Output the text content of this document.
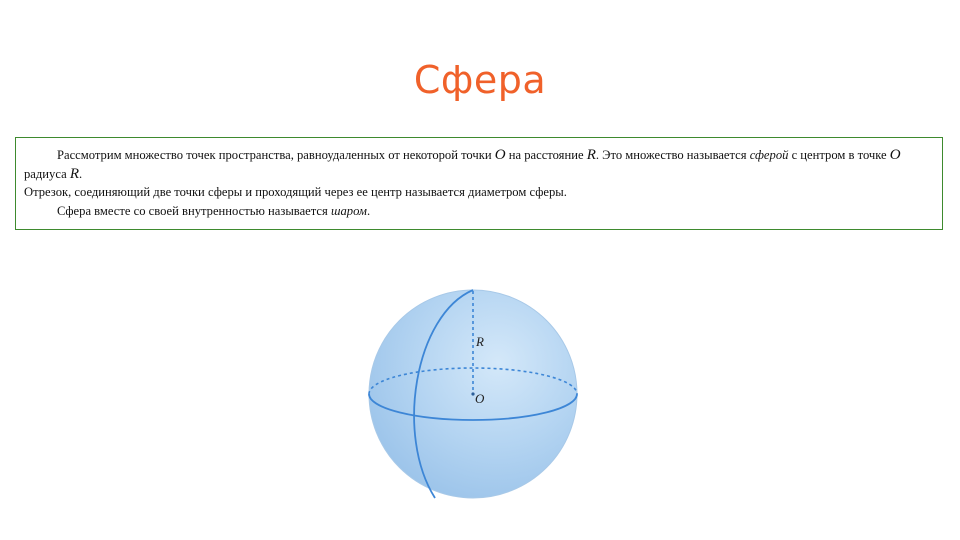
Сфера

Рассмотрим множество точек пространства, равноудаленных от некоторой точки O на расстояние R. Это множество называется сферой с центром в точке O радиуса R.

Отрезок, соединяющий две точки сферы и проходящий через ее центр называется диаметром сферы.

Сфера вместе со своей внутренностью называется шаром.

R
O
